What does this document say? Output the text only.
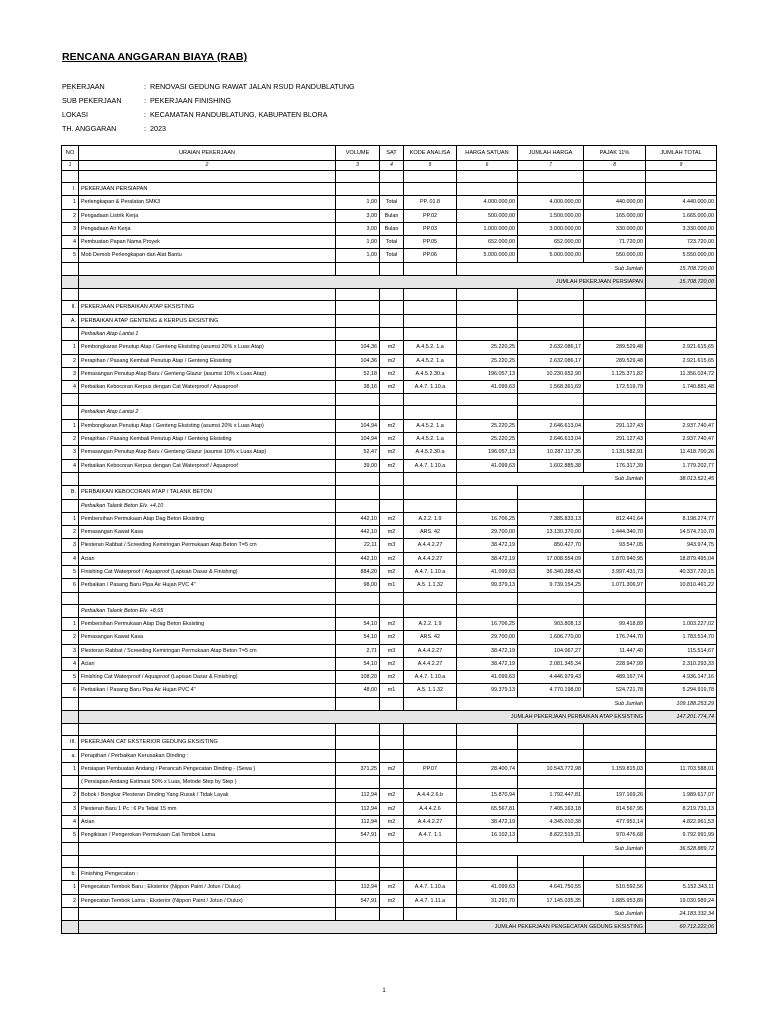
RENCANA ANGGARAN BIAYA (RAB)
PEKERJAAN	: RENOVASI GEDUNG RAWAT JALAN RSUD RANDUBLATUNG
SUB PEKERJAAN	: PEKERJAAN FINISHING
LOKASI	: KECAMATAN RANDUBLATUNG, KABUPATEN BLORA
TH. ANGGARAN	: 2023
NO	URAIAN PEKERJAAN	VOLUME	SAT	KODE ANALISA	HARGA SATUAN	JUMLAH HARGA	PAJAK 11%	JUMLAH TOTAL
1	2	3	4	5	6	7	8	9

I.	PEKERJAAN PERSIAPAN							
1	Perlengkapan & Peralatan SMK3	1,00	Total	PP. 01.8	4.000.000,00	4.000.000,00	440.000,00	4.440.000,00
2	Pengadaan Listrik Kerja	3,00	Bulan	PP.02	500.000,00	1.500.000,00	165.000,00	1.665.000,00
3	Pengadaan Air Kerja	3,00	Bulan	PP.03	1.000.000,00	3.000.000,00	330.000,00	3.330.000,00
4	Pembuatan Papan Nama Proyek	1,00	Total	PP.05	652.000,00	652.000,00	71.720,00	723.720,00
5	Mob Demob Perlengkapan dan Alat Bantu	1,00	Total	PP.06	5.000.000,00	5.000.000,00	550.000,00	5.550.000,00
					Sub Jumlah			15.708.720,00
	JUMLAH PEKERJAAN PERSIAPAN							15.708.720,00

II.	PEKERJAAN PERBAIKAN ATAP EKSISTING							
A.	PERBAIKAN ATAP GENTENG & KERPUS EKSISTING							
	Perbaikan Atap Lantai 1							
1	Pembongkaran Penutup Atap / Genteng Eksisting (asumsi 20% x Luas Atap)	104,36	m2	A.4.5.2. 1.a	25.220,25	2.632.086,17	289.529,48	2.921.615,65
2	Perapihan / Pasang Kembali Penutup Atap / Genteng Eksisting	104,36	m2	A.4.5.2. 1.a	25.220,25	2.632.086,17	289.529,48	2.921.615,65
3	Pemasangan Penutup Atap Baru / Genteng Glazur (asumsi 10% x Luas Atap)	52,18	m2	A.4.5.2.30.a	196.057,13	10.230.652,90	1.125.371,82	11.356.024,72
4	Perbaikan Kebocoran Kerpus dengan Cat Waterproof / Aquaproof	38,16	m2	A.4.7. 1.10.a	41.099,63	1.568.361,69	172.519,79	1.740.881,48

	Perbaikan Atap Lantai 2							
1	Pembongkaran Penutup Atap / Genteng Eksisting (asumsi 20% x Luas Atap)	104,94	m2	A.4.5.2. 1.a	25.220,25	2.646.613,04	291.127,43	2.937.740,47
2	Perapihan / Pasang Kembali Penutup Atap / Genteng Eksisting	104,94	m2	A.4.5.2. 1.a	25.220,25	2.646.613,04	291.127,43	2.937.740,47
3	Pemasangan Penutup Atap Baru / Genteng Glazur (asumsi 10% x Luas Atap)	52,47	m2	A.4.5.2.30.a	196.057,13	10.287.117,35	1.131.582,91	11.418.700,26
4	Perbaikan Kebocoran Kerpus dengan Cat Waterproof / Aquaproof	39,00	m2	A.4.7. 1.10.a	41.099,63	1.602.885,38	176.317,39	1.779.202,77
					Sub Jumlah			38.013.521,45
B.	PERBAIKAN KEBOCORAN ATAP / TALANK BETON							
	Perbaikan Talank Beton Elv. +4,10							
1	Pembersihan Permukaan Atap Dag Beton Eksisting	442,10	m2	A.2.2. 1.9	16.706,25	7.385.833,13	812.441,64	8.198.274,77
2	Pemasangan Kawat Kasa	442,10	m2	ARS. 42	29.700,00	13.130.370,00	1.444.340,70	14.574.710,70
3	Plesteran Rabbat / Screeding Kemiringan Permukaan Atap Beton T=5 cm	22,11	m3	A.4.4.2.27	38.472,19	850.427,70	93.547,05	943.974,75
4	Acian	442,10	m2	A.4.4.2.27	38.472,19	17.008.554,09	1.870.940,95	18.879.495,04
5	Finishing Cat Waterproof / Aquaproof (Lapisan Dasar & Finishing)	884,20	m2	A.4.7. 1.10.a	41.099,63	36.340.288,43	3.997.431,73	40.337.720,15
6	Perbaikan / Pasang Baru Pipa Air Hujan PVC 4"	98,00	m1	A.5. 1.1.32	99.379,13	9.739.154,25	1.071.306,97	10.810.461,22

	Perbaikan Talank Beton Elv. +8,65							
1	Pembersihan Permukaan Atap Dag Beton Eksisting	54,10	m2	A.2.2. 1.9	16.706,25	903.808,13	99.418,89	1.003.227,02
2	Pemasangan Kawat Kasa	54,10	m2	ARS. 42	29.700,00	1.606.770,00	176.744,70	1.783.514,70
3	Plesteran Rabbat / Screeding Kemiringan Permukaan Atap Beton T=5 cm	2,71	m3	A.4.4.2.27	38.472,19	104.067,27	11.447,40	115.514,67
4	Acian	54,10	m2	A.4.4.2.27	38.472,19	2.081.345,34	228.947,99	2.310.293,33
5	Finishing Cat Waterproof / Aquaproof (Lapisan Dasar & Finishing)	108,20	m2	A.4.7. 1.10.a	41.099,63	4.446.979,43	489.167,74	4.936.147,16
6	Perbaikan / Pasang Baru Pipa Air Hujan PVC 4"	48,00	m1	A.5. 1.1.32	99.379,13	4.770.198,00	524.721,78	5.294.919,78
					Sub Jumlah			109.188.253,29
	JUMLAH PEKERJAAN PERBAIKAN ATAP EKSISTING							147.201.774,74

III.	PEKERJAAN CAT EKSTERIOR GEDUNG EKSISTING							
a.	Perapihan / Perbaikan Kerusakan Dinding :							
1	Persiapan Pembuatan Andang / Perancah Pengecatan Dinding - (Sewa )	371,25	m2	PP.07	28.400,74	10.543.772,98	1.159.815,03	11.703.588,01
	( Persiapan Andang Estimasi 50% x Luas, Metode Step by Step )							
2	Bobok / Bongkar Plesteran Dinding Yang Rusak / Tidak Layak	112,94	m2	A.4.4.2.6.b	15.870,94	1.792.447,81	197.169,26	1.989.617,07
3	Plesteran Baru 1 Pc : 6 Ps Tebal 15 mm	112,94	m2	A.4.4.2.6	65.567,81	7.405.163,18	814.567,95	8.219.731,13
4	Acian	112,94	m2	A.4.4.2.27	38.472,19	4.345.010,38	477.951,14	4.822.961,53
5	Pengikisan / Pengerokan Permukaan Cat Tembok Lama	547,91	m2	A.4.7. 1.1	16.102,13	8.822.515,31	970.476,68	9.792.991,99
					Sub Jumlah			36.528.889,72

b.	Finishing Pengecatan :							
1	Pengecatan Tembok Baru ; Eksterior (Nippon Paint / Jotun / Dulux)	112,94	m2	A.4.7. 1.10.a	41.099,63	4.641.750,55	510.592,56	5.152.343,11
2	Pengecatan Tembok Lama ; Eksterior (Nippon Paint / Jotun / Dulux)	547,91	m2	A.4.7. 1.11.a	31.291,70	17.145.035,35	1.885.953,89	19.030.989,24
					Sub Jumlah			24.183.332,34
	JUMLAH PEKERJAAN PENGECATAN GEDUNG EKSISTING							60.712.222,06
1
